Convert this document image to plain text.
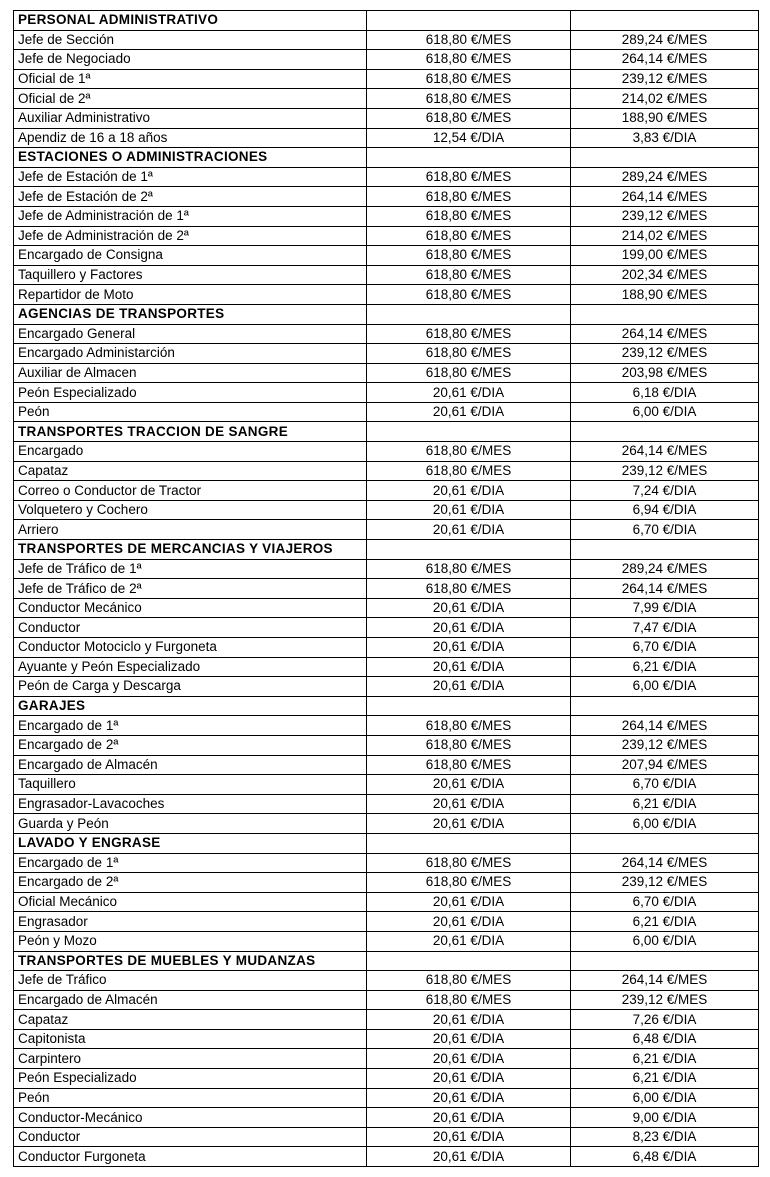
PERSONAL ADMINISTRATIVO		
Jefe de Sección	618,80 €/MES	289,24 €/MES
Jefe de Negociado	618,80 €/MES	264,14 €/MES
Oficial de 1ª	618,80 €/MES	239,12 €/MES
Oficial de 2ª	618,80 €/MES	214,02 €/MES
Auxiliar Administrativo	618,80 €/MES	188,90 €/MES
Apendiz de 16 a 18 años	12,54 €/DIA	3,83 €/DIA
ESTACIONES O ADMINISTRACIONES		
Jefe de Estación de 1ª	618,80 €/MES	289,24 €/MES
Jefe de Estación de 2ª	618,80 €/MES	264,14 €/MES
Jefe de Administración de 1ª	618,80 €/MES	239,12 €/MES
Jefe de Administración de 2ª	618,80 €/MES	214,02 €/MES
Encargado de Consigna	618,80 €/MES	199,00 €/MES
Taquillero y Factores	618,80 €/MES	202,34 €/MES
Repartidor de Moto	618,80 €/MES	188,90 €/MES
AGENCIAS DE TRANSPORTES		
Encargado General	618,80 €/MES	264,14 €/MES
Encargado Administarción	618,80 €/MES	239,12 €/MES
Auxiliar de Almacen	618,80 €/MES	203,98 €/MES
Peón Especializado	20,61 €/DIA	6,18 €/DIA
Peón	20,61 €/DIA	6,00 €/DIA
TRANSPORTES TRACCION DE SANGRE		
Encargado	618,80 €/MES	264,14 €/MES
Capataz	618,80 €/MES	239,12 €/MES
Correo o Conductor de Tractor	20,61 €/DIA	7,24 €/DIA
Volquetero y Cochero	20,61 €/DIA	6,94 €/DIA
Arriero	20,61 €/DIA	6,70 €/DIA
TRANSPORTES DE MERCANCIAS Y VIAJEROS		
Jefe de Tráfico de 1ª	618,80 €/MES	289,24 €/MES
Jefe de Tráfico de 2ª	618,80 €/MES	264,14 €/MES
Conductor Mecánico	20,61 €/DIA	7,99 €/DIA
Conductor	20,61 €/DIA	7,47 €/DIA
Conductor Motociclo y Furgoneta	20,61 €/DIA	6,70 €/DIA
Ayuante y Peón Especializado	20,61 €/DIA	6,21 €/DIA
Peón de Carga y Descarga	20,61 €/DIA	6,00 €/DIA
GARAJES		
Encargado de 1ª	618,80 €/MES	264,14 €/MES
Encargado de 2ª	618,80 €/MES	239,12 €/MES
Encargado de Almacén	618,80 €/MES	207,94 €/MES
Taquillero	20,61 €/DIA	6,70 €/DIA
Engrasador-Lavacoches	20,61 €/DIA	6,21 €/DIA
Guarda y Peón	20,61 €/DIA	6,00 €/DIA
LAVADO Y ENGRASE		
Encargado de 1ª	618,80 €/MES	264,14 €/MES
Encargado de 2ª	618,80 €/MES	239,12 €/MES
Oficial Mecánico	20,61 €/DIA	6,70 €/DIA
Engrasador	20,61 €/DIA	6,21 €/DIA
Peón y Mozo	20,61 €/DIA	6,00 €/DIA
TRANSPORTES DE MUEBLES Y MUDANZAS		
Jefe de Tráfico	618,80 €/MES	264,14 €/MES
Encargado de Almacén	618,80 €/MES	239,12 €/MES
Capataz	20,61 €/DIA	7,26 €/DIA
Capitonista	20,61 €/DIA	6,48 €/DIA
Carpintero	20,61 €/DIA	6,21 €/DIA
Peón Especializado	20,61 €/DIA	6,21 €/DIA
Peón	20,61 €/DIA	6,00 €/DIA
Conductor-Mecánico	20,61 €/DIA	9,00 €/DIA
Conductor	20,61 €/DIA	8,23 €/DIA
Conductor Furgoneta	20,61 €/DIA	6,48 €/DIA
